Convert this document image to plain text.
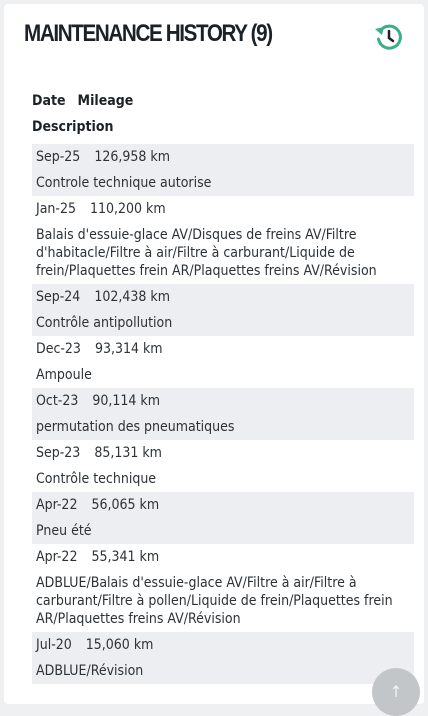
MAINTENANCE HISTORY (9)
Date Mileage
Description
Sep-25 126,958 km
Controle technique autorise
Jan-25 110,200 km
Balais d'essuie-glace AV/Disques de freins AV/Filtre d'habitacle/Filtre à air/Filtre à carburant/Liquide de frein/Plaquettes frein AR/Plaquettes freins AV/Révision
Sep-24 102,438 km
Contrôle antipollution
Dec-23 93,314 km
Ampoule
Oct-23 90,114 km
permutation des pneumatiques
Sep-23 85,131 km
Contrôle technique
Apr-22 56,065 km
Pneu été
Apr-22 55,341 km
ADBLUE/Balais d'essuie-glace AV/Filtre à air/Filtre à carburant/Filtre à pollen/Liquide de frein/Plaquettes frein AR/Plaquettes freins AV/Révision
Jul-20 15,060 km
ADBLUE/Révision
↑
